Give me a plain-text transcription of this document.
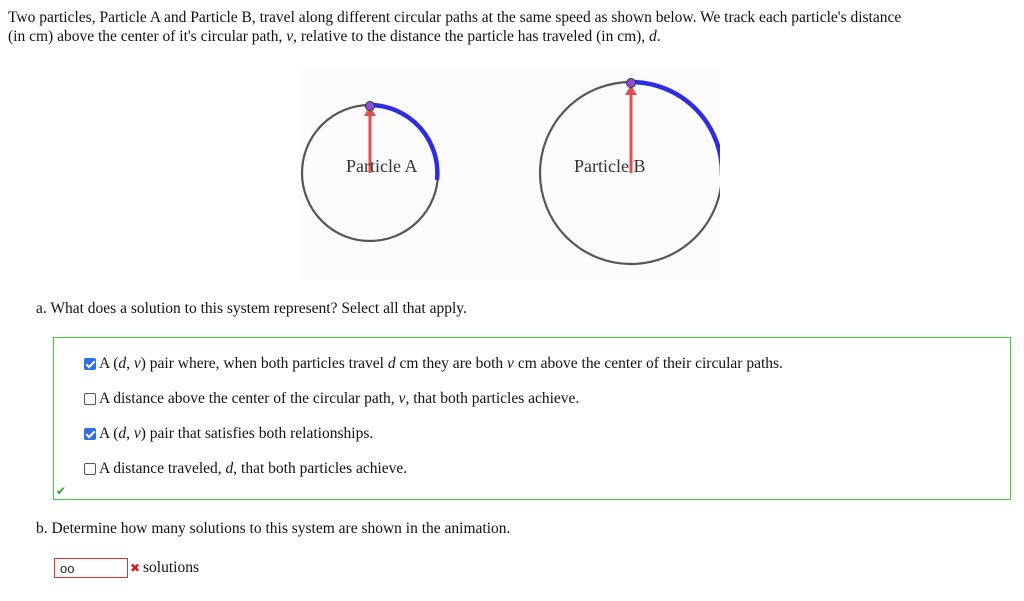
Two particles, Particle A and Particle B, travel along different circular paths at the same speed as shown below. We track each particle's distance
(in cm) above the center of it's circular path, v, relative to the distance the particle has traveled (in cm), d.
Particle A	Particle B
a. What does a solution to this system represent? Select all that apply.
A (d, v) pair where, when both particles travel d cm they are both v cm above the center of their circular paths.
A distance above the center of the circular path, v, that both particles achieve.
A (d, v) pair that satisfies both relationships.
A distance traveled, d, that both particles achieve.
✔
b. Determine how many solutions to this system are shown in the animation.
oo
✖ solutions
